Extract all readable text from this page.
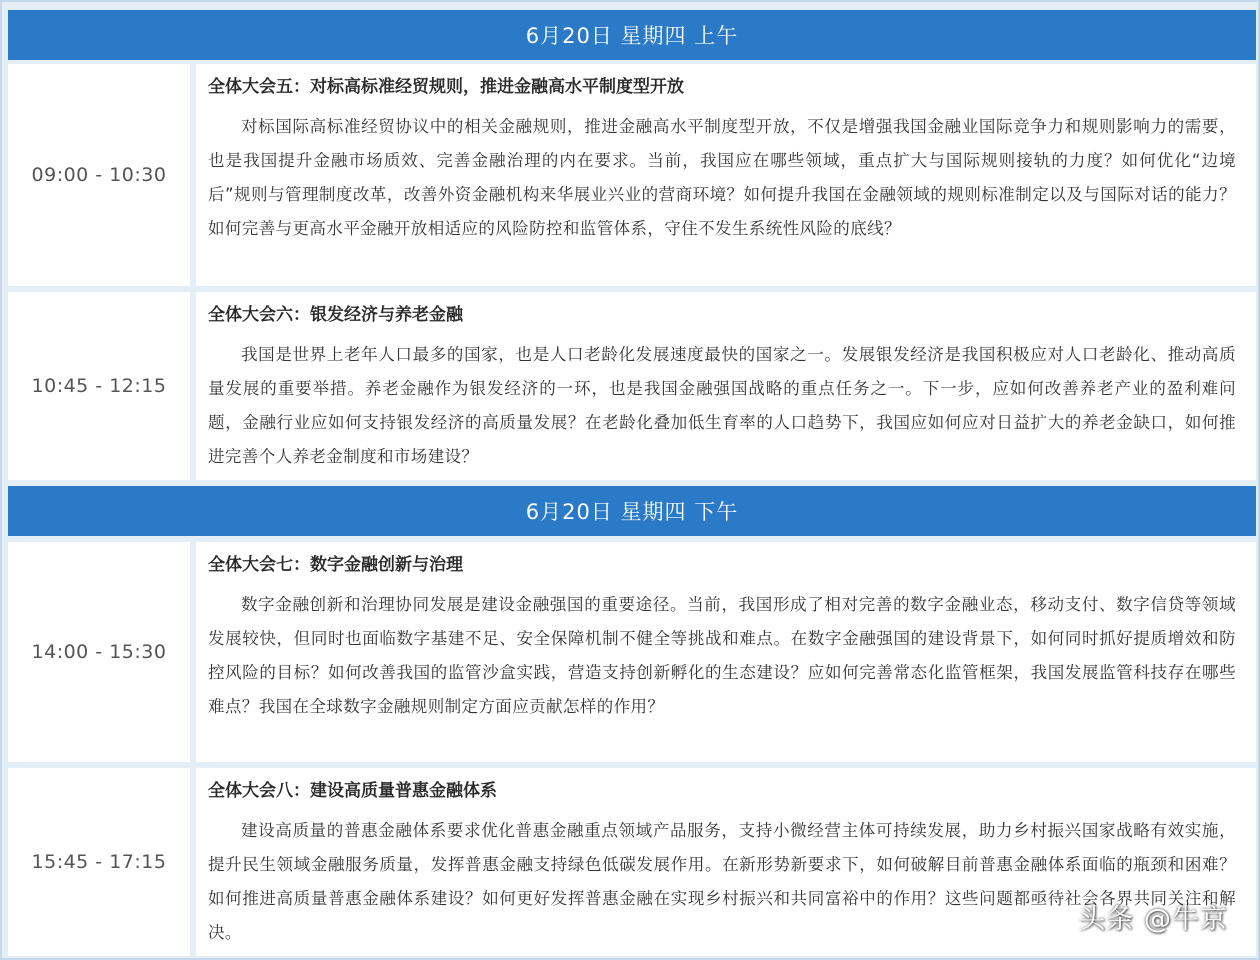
6月20日 星期四 上午
09:00 - 10:30
全体大会五：对标高标准经贸规则，推进金融高水平制度型开放
对标国际高标准经贸协议中的相关金融规则，推进金融高水平制度型开放，不仅是增强我国金融业国际竞争力和规则影响力的需要，也是我国提升金融市场质效、完善金融治理的内在要求。当前，我国应在哪些领域，重点扩大与国际规则接轨的力度？如何优化“边境后”规则与管理制度改革，改善外资金融机构来华展业兴业的营商环境？如何提升我国在金融领域的规则标准制定以及与国际对话的能力？如何完善与更高水平金融开放相适应的风险防控和监管体系，守住不发生系统性风险的底线？
10:45 - 12:15
全体大会六：银发经济与养老金融
我国是世界上老年人口最多的国家，也是人口老龄化发展速度最快的国家之一。发展银发经济是我国积极应对人口老龄化、推动高质量发展的重要举措。养老金融作为银发经济的一环，也是我国金融强国战略的重点任务之一。下一步，应如何改善养老产业的盈利难问题，金融行业应如何支持银发经济的高质量发展？在老龄化叠加低生育率的人口趋势下，我国应如何应对日益扩大的养老金缺口，如何推进完善个人养老金制度和市场建设？
6月20日 星期四 下午
14:00 - 15:30
全体大会七：数字金融创新与治理
数字金融创新和治理协同发展是建设金融强国的重要途径。当前，我国形成了相对完善的数字金融业态，移动支付、数字信贷等领域发展较快，但同时也面临数字基建不足、安全保障机制不健全等挑战和难点。在数字金融强国的建设背景下，如何同时抓好提质增效和防控风险的目标？如何改善我国的监管沙盒实践，营造支持创新孵化的生态建设？应如何完善常态化监管框架，我国发展监管科技存在哪些难点？我国在全球数字金融规则制定方面应贡献怎样的作用？
15:45 - 17:15
全体大会八：建设高质量普惠金融体系
建设高质量的普惠金融体系要求优化普惠金融重点领域产品服务，支持小微经营主体可持续发展，助力乡村振兴国家战略有效实施，提升民生领域金融服务质量，发挥普惠金融支持绿色低碳发展作用。在新形势新要求下，如何破解目前普惠金融体系面临的瓶颈和困难？如何推进高质量普惠金融体系建设？如何更好发挥普惠金融在实现乡村振兴和共同富裕中的作用？这些问题都亟待社会各界共同关注和解决。	头条 @牛京
